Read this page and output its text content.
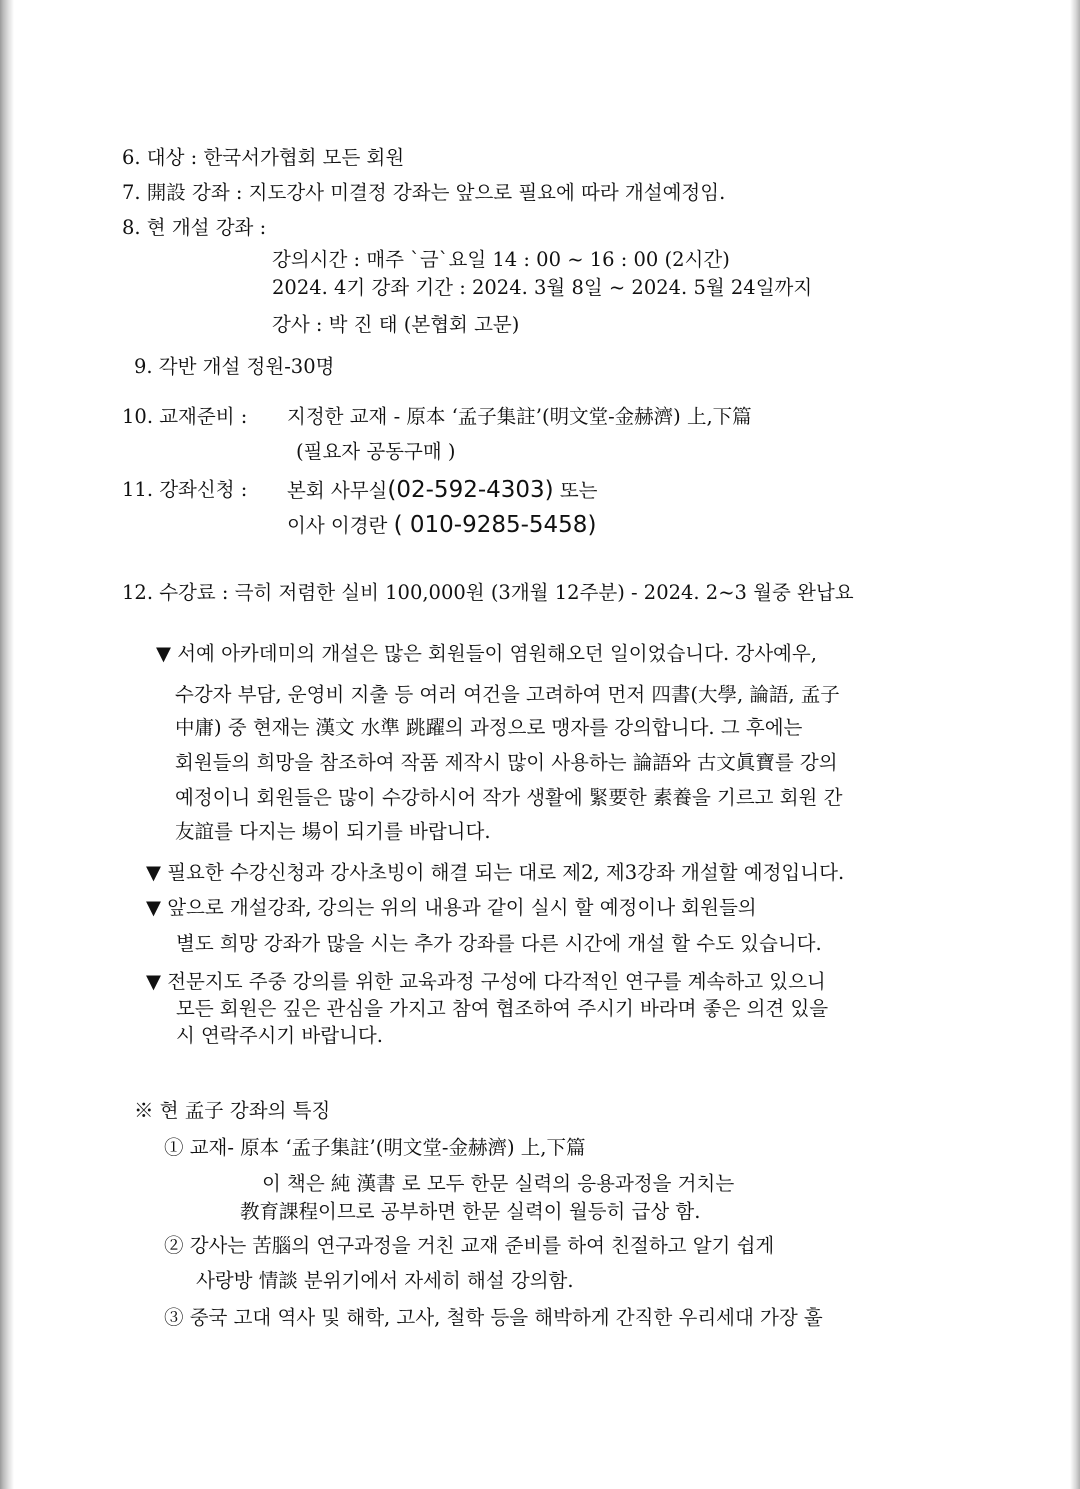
6. 대상 : 한국서가협회 모든 회원
7. 開設 강좌 : 지도강사 미결정 강좌는 앞으로 필요에 따라 개설예정임.
8. 현 개설 강좌 :
강의시간 : 매주 `금`요일 14 : 00 ~ 16 : 00 (2시간)
2024. 4기 강좌 기간 : 2024. 3월 8일 ~ 2024. 5월 24일까지
강사 : 박 진 태 (본협회 고문)
9. 각반 개설 정원-30명
10. 교재준비 : 지정한 교재 - 原本 ‘孟子集註’(明文堂-金赫濟) 上,下篇
(필요자 공동구매 )
11. 강좌신청 : 본회 사무실(02-592-4303) 또는
이사 이경란 ( 010-9285-5458)
12. 수강료 : 극히 저렴한 실비 100,000원 (3개월 12주분) - 2024. 2~3 월중 완납요
▼ 서예 아카데미의 개설은 많은 회원들이 염원해오던 일이었습니다. 강사예우,
수강자 부담, 운영비 지출 등 여러 여건을 고려하여 먼저 四書(大學, 論語, 孟子
中庸) 중 현재는 漢文 水準 跳躍의 과정으로 맹자를 강의합니다. 그 후에는
회원들의 희망을 참조하여 작품 제작시 많이 사용하는 論語와 古文眞寶를 강의
예정이니 회원들은 많이 수강하시어 작가 생활에 緊要한 素養을 기르고 회원 간
友誼를 다지는 場이 되기를 바랍니다.
▼ 필요한 수강신청과 강사초빙이 해결 되는 대로 제2, 제3강좌 개설할 예정입니다.
▼ 앞으로 개설강좌, 강의는 위의 내용과 같이 실시 할 예정이나 회원들의
별도 희망 강좌가 많을 시는 추가 강좌를 다른 시간에 개설 할 수도 있습니다.
▼ 전문지도 주중 강의를 위한 교육과정 구성에 다각적인 연구를 계속하고 있으니
모든 회원은 깊은 관심을 가지고 참여 협조하여 주시기 바라며 좋은 의견 있을
시 연락주시기 바랍니다.
※ 현 孟子 강좌의 특징
① 교재- 原本 ‘孟子集註’(明文堂-金赫濟) 上,下篇
이 책은 純 漢書 로 모두 한문 실력의 응용과정을 거치는
教育課程이므로 공부하면 한문 실력이 월등히 급상 함.
② 강사는 苦腦의 연구과정을 거친 교재 준비를 하여 친절하고 알기 쉽게
사랑방 情談 분위기에서 자세히 해설 강의함.
③ 중국 고대 역사 및 해학, 고사, 철학 등을 해박하게 간직한 우리세대 가장 훌
